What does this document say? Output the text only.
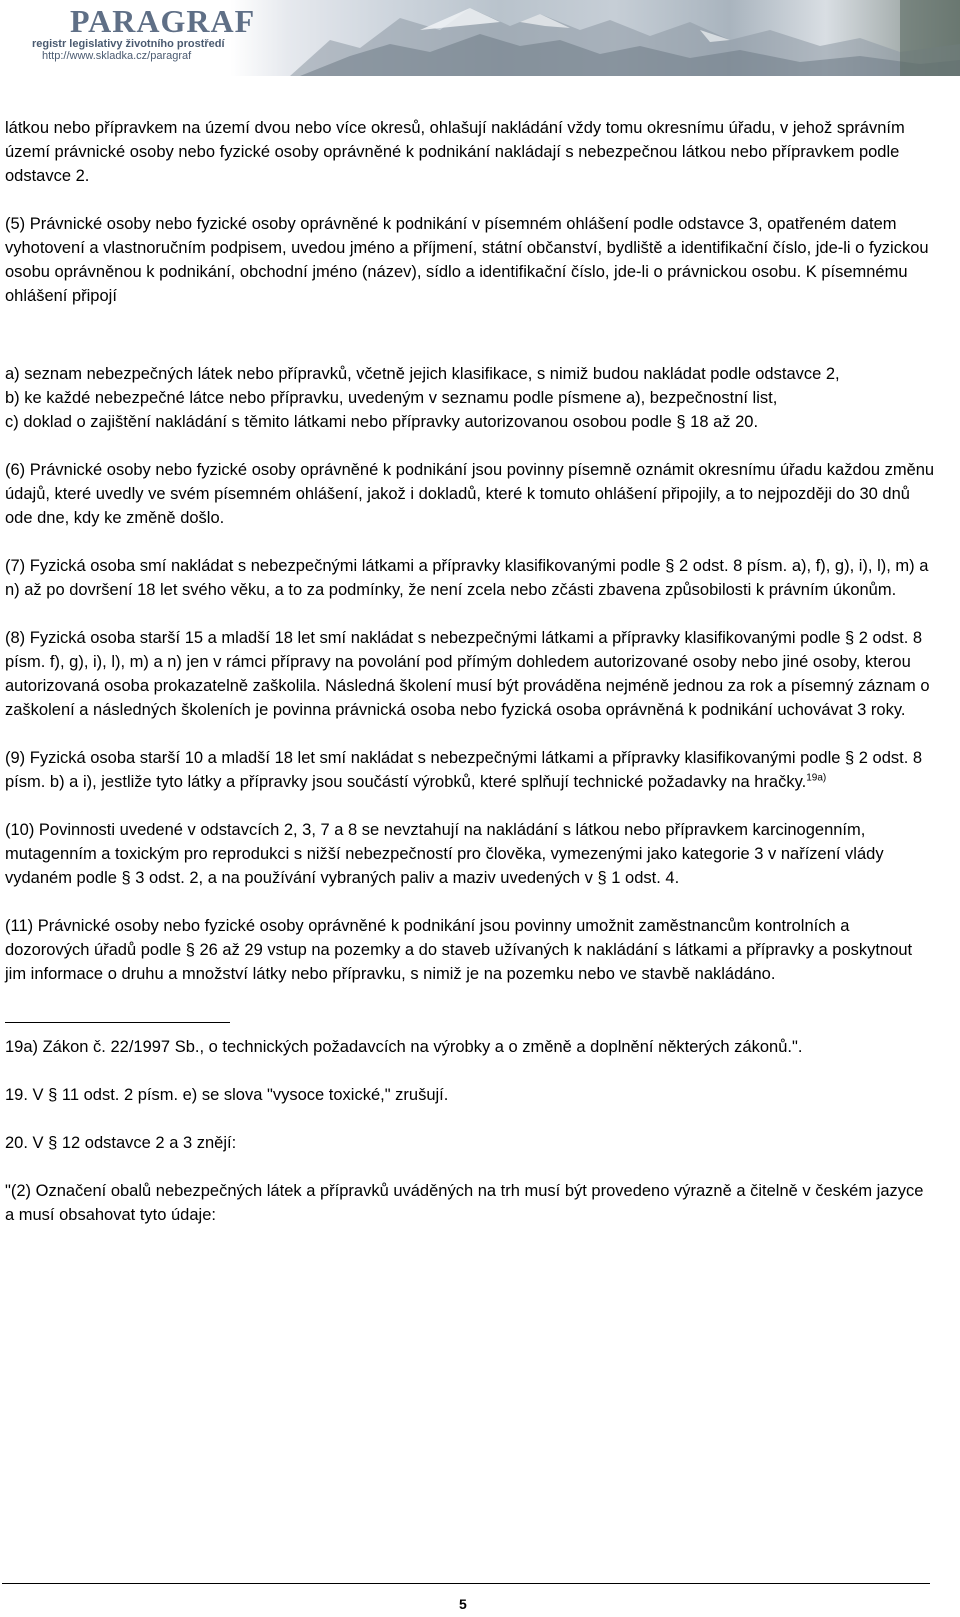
PARAGRAF
registr legislativy životního prostředí
http://www.skladka.cz/paragraf

látkou nebo přípravkem na území dvou nebo více okresů, ohlašují nakládání vždy tomu okresnímu úřadu, v jehož správním území právnické osoby nebo fyzické osoby oprávněné k podnikání nakládají s nebezpečnou látkou nebo přípravkem podle odstavce 2.

(5) Právnické osoby nebo fyzické osoby oprávněné k podnikání v písemném ohlášení podle odstavce 3, opatřeném datem vyhotovení a vlastnoručním podpisem, uvedou jméno a příjmení, státní občanství, bydliště a identifikační číslo, jde-li o fyzickou osobu oprávněnou k podnikání, obchodní jméno (název), sídlo a identifikační číslo, jde-li o právnickou osobu. K písemnému ohlášení připojí

a) seznam nebezpečných látek nebo přípravků, včetně jejich klasifikace, s nimiž budou nakládat podle odstavce 2,

b) ke každé nebezpečné látce nebo přípravku, uvedeným v seznamu podle písmene a), bezpečnostní list,

c) doklad o zajištění nakládání s těmito látkami nebo přípravky autorizovanou osobou podle § 18 až 20.

(6) Právnické osoby nebo fyzické osoby oprávněné k podnikání jsou povinny písemně oznámit okresnímu úřadu každou změnu údajů, které uvedly ve svém písemném ohlášení, jakož i dokladů, které k tomuto ohlášení připojily, a to nejpozději do 30 dnů ode dne, kdy ke změně došlo.

(7) Fyzická osoba smí nakládat s nebezpečnými látkami a přípravky klasifikovanými podle § 2 odst. 8 písm. a), f), g), i), l), m) a n) až po dovršení 18 let svého věku, a to za podmínky, že není zcela nebo zčásti zbavena způsobilosti k právním úkonům.

(8) Fyzická osoba starší 15 a mladší 18 let smí nakládat s nebezpečnými látkami a přípravky klasifikovanými podle § 2 odst. 8 písm. f), g), i), l), m) a n) jen v rámci přípravy na povolání pod přímým dohledem autorizované osoby nebo jiné osoby, kterou autorizovaná osoba prokazatelně zaškolila. Následná školení musí být prováděna nejméně jednou za rok a písemný záznam o zaškolení a následných školeních je povinna právnická osoba nebo fyzická osoba oprávněná k podnikání uchovávat 3 roky.

(9) Fyzická osoba starší 10 a mladší 18 let smí nakládat s nebezpečnými látkami a přípravky klasifikovanými podle § 2 odst. 8 písm. b) a i), jestliže tyto látky a přípravky jsou součástí výrobků, které splňují technické požadavky na hračky.$^{19a)}$

(10) Povinnosti uvedené v odstavcích 2, 3, 7 a 8 se nevztahují na nakládání s látkou nebo přípravkem karcinogenním, mutagenním a toxickým pro reprodukci s nižší nebezpečností pro člověka, vymezenými jako kategorie 3 v nařízení vlády vydaném podle § 3 odst. 2, a na používání vybraných paliv a maziv uvedených v § 1 odst. 4.

(11) Právnické osoby nebo fyzické osoby oprávněné k podnikání jsou povinny umožnit zaměstnancům kontrolních a dozorových úřadů podle § 26 až 29 vstup na pozemky a do staveb užívaných k nakládání s látkami a přípravky a poskytnout jim informace o druhu a množství látky nebo přípravku, s nimiž je na pozemku nebo ve stavbě nakládáno.

19a) Zákon č. 22/1997 Sb., o technických požadavcích na výrobky a o změně a doplnění některých zákonů.".

19. V § 11 odst. 2 písm. e) se slova "vysoce toxické," zrušují.

20. V § 12 odstavce 2 a 3 znějí:

"(2) Označení obalů nebezpečných látek a přípravků uváděných na trh musí být provedeno výrazně a čitelně v českém jazyce a musí obsahovat tyto údaje:

5
